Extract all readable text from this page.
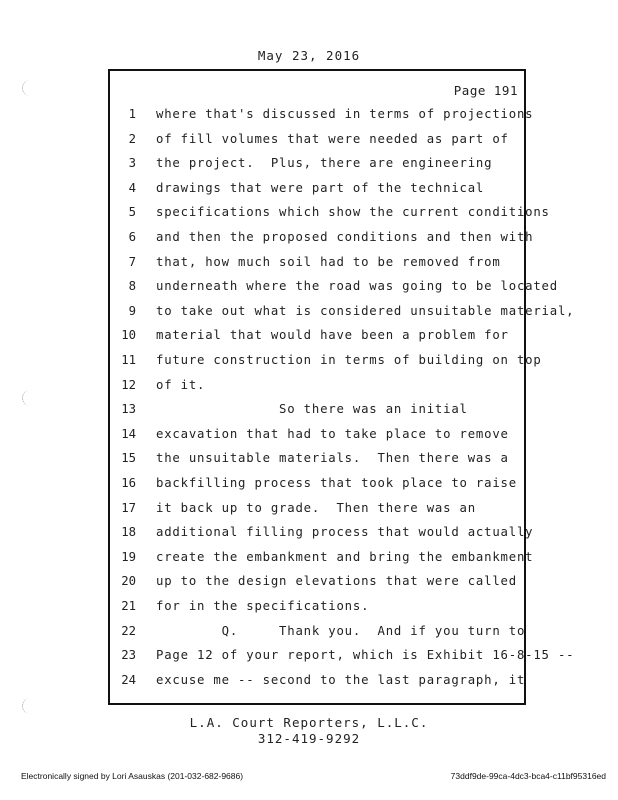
May 23, 2016
Page 191
1 where that's discussed in terms of projections
2 of fill volumes that were needed as part of
3 the project.  Plus, there are engineering
4 drawings that were part of the technical
5 specifications which show the current conditions
6 and then the proposed conditions and then with
7 that, how much soil had to be removed from
8 underneath where the road was going to be located
9 to take out what is considered unsuitable material,
10 material that would have been a problem for
11 future construction in terms of building on top
12 of it.
13 So there was an initial
14 excavation that had to take place to remove
15 the unsuitable materials.  Then there was a
16 backfilling process that took place to raise
17 it back up to grade.  Then there was an
18 additional filling process that would actually
19 create the embankment and bring the embankment
20 up to the design elevations that were called
21 for in the specifications.
22 Q.     Thank you.  And if you turn to
23 Page 12 of your report, which is Exhibit 16-8-15 --
24 excuse me -- second to the last paragraph, it
L.A. Court Reporters, L.L.C.
312-419-9292
Electronically signed by Lori Asauskas (201-032-682-9686)	73ddf9de-99ca-4dc3-bca4-c11bf95316ed
